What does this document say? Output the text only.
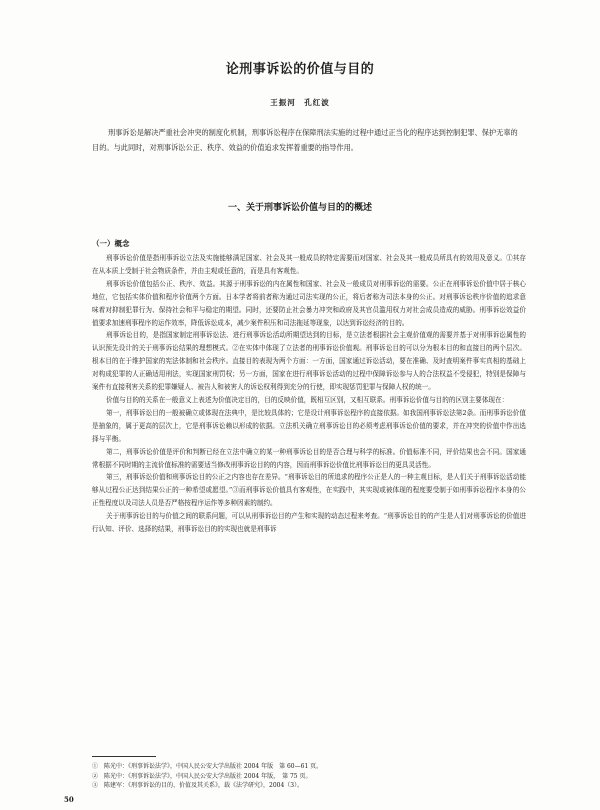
论刑事诉讼的价值与目的
王振河　孔红波

刑事诉讼是解决严重社会冲突的制度化机制，刑事诉讼程序在保障刑法实施的过程中通过正当化的程序达到控制犯罪、保护无辜的目的。与此同时，对刑事诉讼公正、秩序、效益的价值追求发挥着重要的指导作用。

一、关于刑事诉讼价值与目的的概述
（一）概念

刑事诉讼价值是指刑事诉讼立法及实施能够满足国家、社会及其一般成员的特定需要而对国家、社会及其一般成员所具有的效用及意义。①其存在从本质上受制于社会物质条件，并由主观或任意的，而是具有客观性。

刑事诉讼价值包括公正、秩序、效益。其源于刑事诉讼的内在属性和国家、社会及一般成员对刑事诉讼的需要。公正在刑事诉讼价值中居于核心地位，它包括实体价值和程序价值两个方面。日本学者将前者称为通过司法实现的公正，将后者称为司法本身的公正。对刑事诉讼秩序价值的追求意味着对抑制犯罪行为、保持社会和平与稳定的期望。同时，还要防止社会暴力冲突和政府及其官员滥用权力对社会成员造成的威胁。刑事诉讼效益价值要求加速刑事程序的运作效率，降低诉讼成本，减少案件积压和司法拖延等现象，以达到诉讼经济的目的。

刑事诉讼目的，是指国家制定刑事诉讼法、进行刑事诉讼活动所期望达到的目标，是立法者根据社会主观价值观的需要并基于对刑事诉讼属性的认识预先设计的关于刑事诉讼结果的理想模式。②在实体中体现了立法者的刑事诉讼价值观。刑事诉讼目的可以分为根本目的和直接目的两个层次。根本目的在于维护国家的宪法体制和社会秩序。直接目的表现为两个方面：一方面，国家通过诉讼活动，要在准确、及时查明案件事实真相的基础上对构成犯罪的人正确适用刑法，实现国家刑罚权；另一方面，国家在进行刑事诉讼活动的过程中保障诉讼参与人的合法权益不受侵犯，特别是保障与案件有直接利害关系的犯罪嫌疑人、被告人和被害人的诉讼权利得到充分的行使，即实现惩罚犯罪与保障人权的统一。

价值与目的的关系在一般意义上表述为价值决定目的，目的反映价值，既相互区别，又相互联系。刑事诉讼价值与目的的区别主要体现在：

第一，刑事诉讼目的一般被确立或体现在法典中，是比较具体的；它是设计刑事诉讼程序的直接依据。如我国刑事诉讼法第2条。而刑事诉讼价值是抽象的，属于更高的层次上，它是刑事诉讼赖以形成的依据。立法机关确立刑事诉讼目的必须考虑刑事诉讼价值的要求，并在冲突的价值中作出选择与平衡。

第二，刑事诉讼价值是评价和判断已经在立法中确立的某一种刑事诉讼目的是否合理与科学的标准。价值标准不同，评价结果也会不同。国家通常根据不同时期的主流价值标准的需要适当修改刑事诉讼目的的内容，因而刑事诉讼价值比刑事诉讼目的更具灵活性。

第三，刑事诉讼价值和刑事诉讼目的公正之内容也存在差异。“刑事诉讼目的所追求的程序公正是人的一种主观目标，是人们关于刑事诉讼活动能够从过程公正达到结果公正的一种希望或愿望。”③而刑事诉讼价值具有客观性，在实践中，其实现或被体现的程度要受制于如刑事诉讼程序本身的公正性程度以及司法人员是否严格按程序运作等多种因素的制约。

关于刑事诉讼目的与价值之间的联系问题，可以从刑事诉讼目的产生和实现的动态过程来考查。“刑事诉讼目的的产生是人们对刑事诉讼的价值进行认知、评价、选择的结果，刑事诉讼目的的实现也就是刑事诉

①　陈光中：《刑事诉讼法学》，中国人民公安大学出版社 2004 年版　第 60—61 页。
②　陈光中：《刑事诉讼法学》，中国人民公安大学出版社 2004 年版，　第 75 页。
③　陈建军：《刑事诉讼的目的、价值及其关系》，载《法学研究》，2004（3）。
50
